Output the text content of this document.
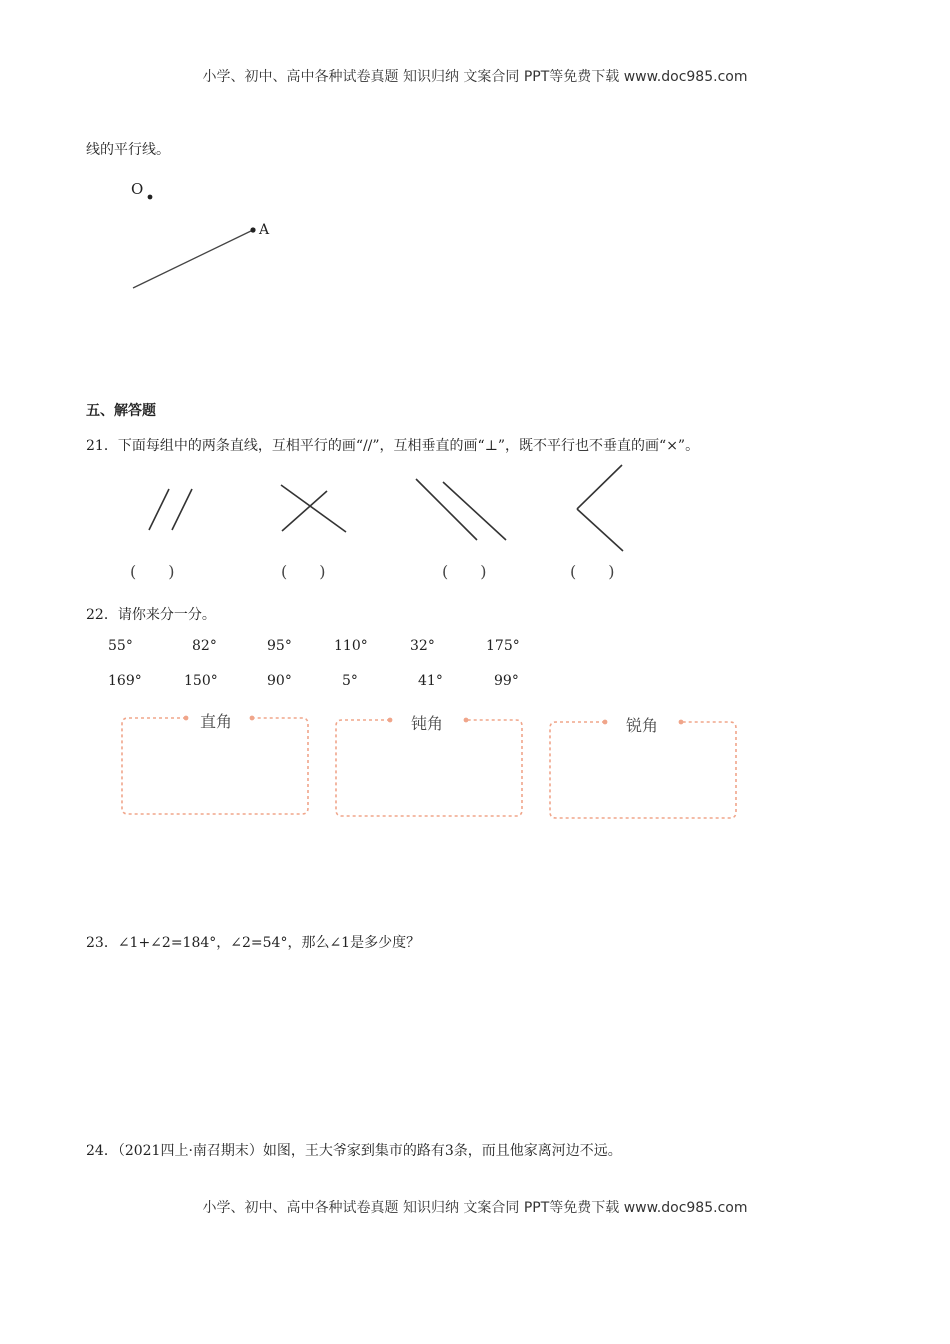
小学、初中、高中各种试卷真题 知识归纳 文案合同 PPT等免费下载 www.doc985.com
线的平行线。
O
A
五、解答题
21．下面每组中的两条直线，互相平行的画“//”，互相垂直的画“⊥”，既不平行也不垂直的画“×”。
(　　)	(　　)	(　　)	(　　)
22．请你来分一分。
55°	82°	95°	110°	32°	175°
169°	150°	90°	5°	41°	99°
直角	钝角	锐角
23．∠1+∠2=184°，∠2=54°，那么∠1是多少度？
24．（2021四上·南召期末）如图，王大爷家到集市的路有3条，而且他家离河边不远。
小学、初中、高中各种试卷真题 知识归纳 文案合同 PPT等免费下载 www.doc985.com
